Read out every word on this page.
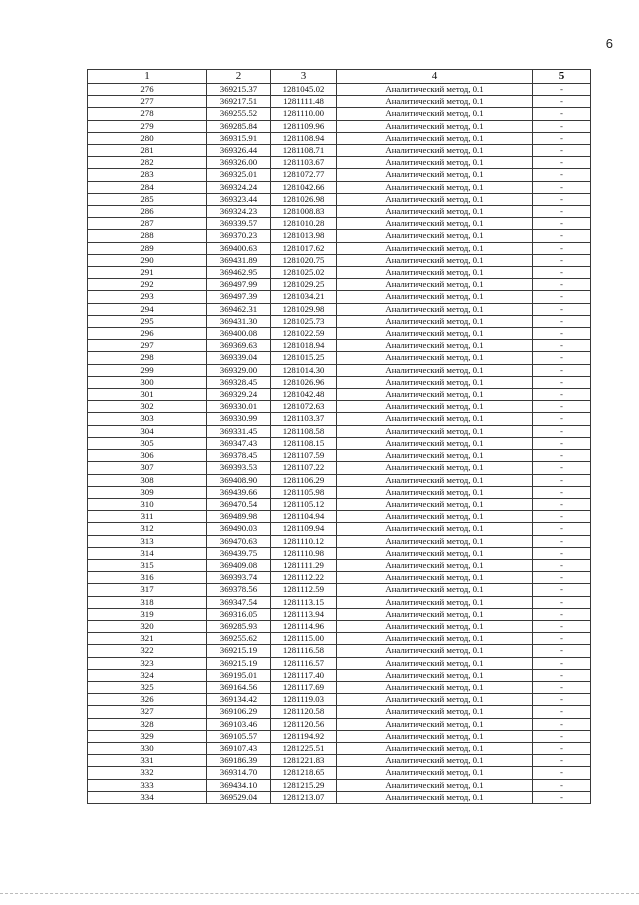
6
1	2	3	4	5
276	369215.37	1281045.02	Аналитический метод, 0.1	-
277	369217.51	1281111.48	Аналитический метод, 0.1	-
278	369255.52	1281110.00	Аналитический метод, 0.1	-
279	369285.84	1281109.96	Аналитический метод, 0.1	-
280	369315.91	1281108.94	Аналитический метод, 0.1	-
281	369326.44	1281108.71	Аналитический метод, 0.1	-
282	369326.00	1281103.67	Аналитический метод, 0.1	-
283	369325.01	1281072.77	Аналитический метод, 0.1	-
284	369324.24	1281042.66	Аналитический метод, 0.1	-
285	369323.44	1281026.98	Аналитический метод, 0.1	-
286	369324.23	1281008.83	Аналитический метод, 0.1	-
287	369339.57	1281010.28	Аналитический метод, 0.1	-
288	369370.23	1281013.98	Аналитический метод, 0.1	-
289	369400.63	1281017.62	Аналитический метод, 0.1	-
290	369431.89	1281020.75	Аналитический метод, 0.1	-
291	369462.95	1281025.02	Аналитический метод, 0.1	-
292	369497.99	1281029.25	Аналитический метод, 0.1	-
293	369497.39	1281034.21	Аналитический метод, 0.1	-
294	369462.31	1281029.98	Аналитический метод, 0.1	-
295	369431.30	1281025.73	Аналитический метод, 0.1	-
296	369400.08	1281022.59	Аналитический метод, 0.1	-
297	369369.63	1281018.94	Аналитический метод, 0.1	-
298	369339.04	1281015.25	Аналитический метод, 0.1	-
299	369329.00	1281014.30	Аналитический метод, 0.1	-
300	369328.45	1281026.96	Аналитический метод, 0.1	-
301	369329.24	1281042.48	Аналитический метод, 0.1	-
302	369330.01	1281072.63	Аналитический метод, 0.1	-
303	369330.99	1281103.37	Аналитический метод, 0.1	-
304	369331.45	1281108.58	Аналитический метод, 0.1	-
305	369347.43	1281108.15	Аналитический метод, 0.1	-
306	369378.45	1281107.59	Аналитический метод, 0.1	-
307	369393.53	1281107.22	Аналитический метод, 0.1	-
308	369408.90	1281106.29	Аналитический метод, 0.1	-
309	369439.66	1281105.98	Аналитический метод, 0.1	-
310	369470.54	1281105.12	Аналитический метод, 0.1	-
311	369489.98	1281104.94	Аналитический метод, 0.1	-
312	369490.03	1281109.94	Аналитический метод, 0.1	-
313	369470.63	1281110.12	Аналитический метод, 0.1	-
314	369439.75	1281110.98	Аналитический метод, 0.1	-
315	369409.08	1281111.29	Аналитический метод, 0.1	-
316	369393.74	1281112.22	Аналитический метод, 0.1	-
317	369378.56	1281112.59	Аналитический метод, 0.1	-
318	369347.54	1281113.15	Аналитический метод, 0.1	-
319	369316.05	1281113.94	Аналитический метод, 0.1	-
320	369285.93	1281114.96	Аналитический метод, 0.1	-
321	369255.62	1281115.00	Аналитический метод, 0.1	-
322	369215.19	1281116.58	Аналитический метод, 0.1	-
323	369215.19	1281116.57	Аналитический метод, 0.1	-
324	369195.01	1281117.40	Аналитический метод, 0.1	-
325	369164.56	1281117.69	Аналитический метод, 0.1	-
326	369134.42	1281119.03	Аналитический метод, 0.1	-
327	369106.29	1281120.58	Аналитический метод, 0.1	-
328	369103.46	1281120.56	Аналитический метод, 0.1	-
329	369105.57	1281194.92	Аналитический метод, 0.1	-
330	369107.43	1281225.51	Аналитический метод, 0.1	-
331	369186.39	1281221.83	Аналитический метод, 0.1	-
332	369314.70	1281218.65	Аналитический метод, 0.1	-
333	369434.10	1281215.29	Аналитический метод, 0.1	-
334	369529.04	1281213.07	Аналитический метод, 0.1	-
